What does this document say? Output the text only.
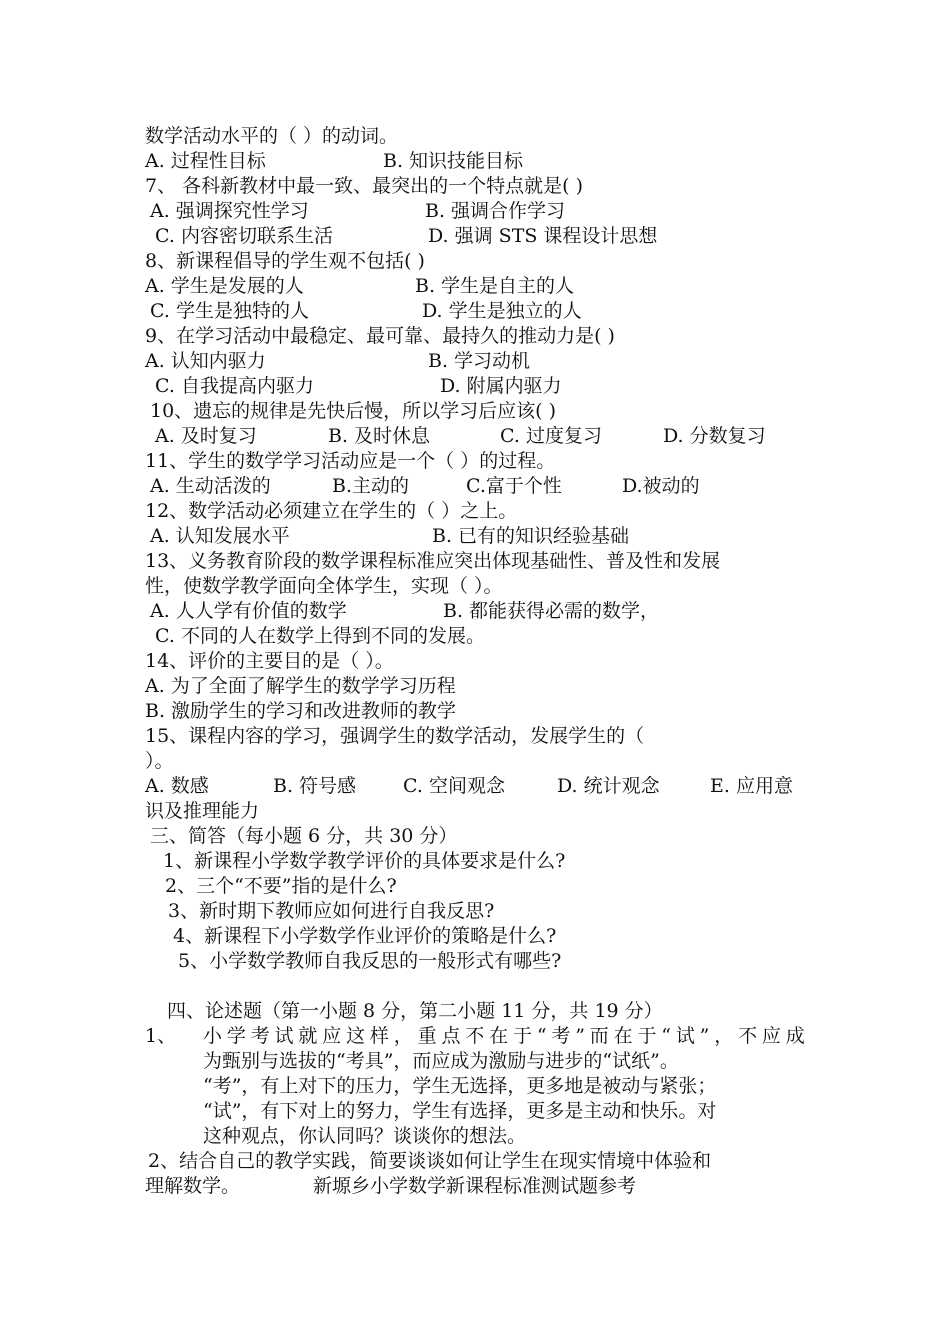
数学活动水平的（ ）的动词。
A. 过程性目标	B. 知识技能目标
7、 各科新教材中最一致、最突出的一个特点就是( )
A. 强调探究性学习	B. 强调合作学习
C. 内容密切联系生活	D. 强调 STS 课程设计思想
8、新课程倡导的学生观不包括( )
A. 学生是发展的人	B. 学生是自主的人
C. 学生是独特的人	D. 学生是独立的人
9、在学习活动中最稳定、最可靠、最持久的推动力是( )
A. 认知内驱力	B. 学习动机
C. 自我提高内驱力	D. 附属内驱力
10、遗忘的规律是先快后慢，所以学习后应该( )
A. 及时复习	B. 及时休息	C. 过度复习	D. 分数复习
11、学生的数学学习活动应是一个（ ）的过程。
A. 生动活泼的	B.主动的	C.富于个性	D.被动的
12、数学活动必须建立在学生的（ ）之上。
A. 认知发展水平	B. 已有的知识经验基础
13、义务教育阶段的数学课程标准应突出体现基础性、普及性和发展
性，使数学教学面向全体学生，实现（ ）。
A. 人人学有价值的数学	B. 都能获得必需的数学，
C. 不同的人在数学上得到不同的发展。
14、评价的主要目的是（ ）。
A. 为了全面了解学生的数学学习历程
B. 激励学生的学习和改进教师的教学
15、课程内容的学习，强调学生的数学活动，发展学生的（
）。
A. 数感	B. 符号感 C. 空间观念	D. 统计观念	E. 应用意
识及推理能力
三、简答（每小题 6 分，共 30 分）
1、新课程小学数学教学评价的具体要求是什么?
2、三个“不要”指的是什么?
3、新时期下教师应如何进行自我反思?
4、新课程下小学数学作业评价的策略是什么?
5、小学数学教师自我反思的一般形式有哪些?
四、论述题（第一小题 8 分，第二小题 11 分，共 19 分）
1、 小 学 考 试 就 应 这 样 ， 重 点 不 在 于 “ 考 ” 而 在 于 “ 试 ” ， 不 应 成
为甄别与选拔的“考具”，而应成为激励与进步的“试纸”。
“考”，有上对下的压力，学生无选择，更多地是被动与紧张；
“试”，有下对上的努力，学生有选择，更多是主动和快乐。对
这种观点，你认同吗？谈谈你的想法。
2、结合自己的教学实践，简要谈谈如何让学生在现实情境中体验和
理解数学。	新塬乡小学数学新课程标准测试题参考
